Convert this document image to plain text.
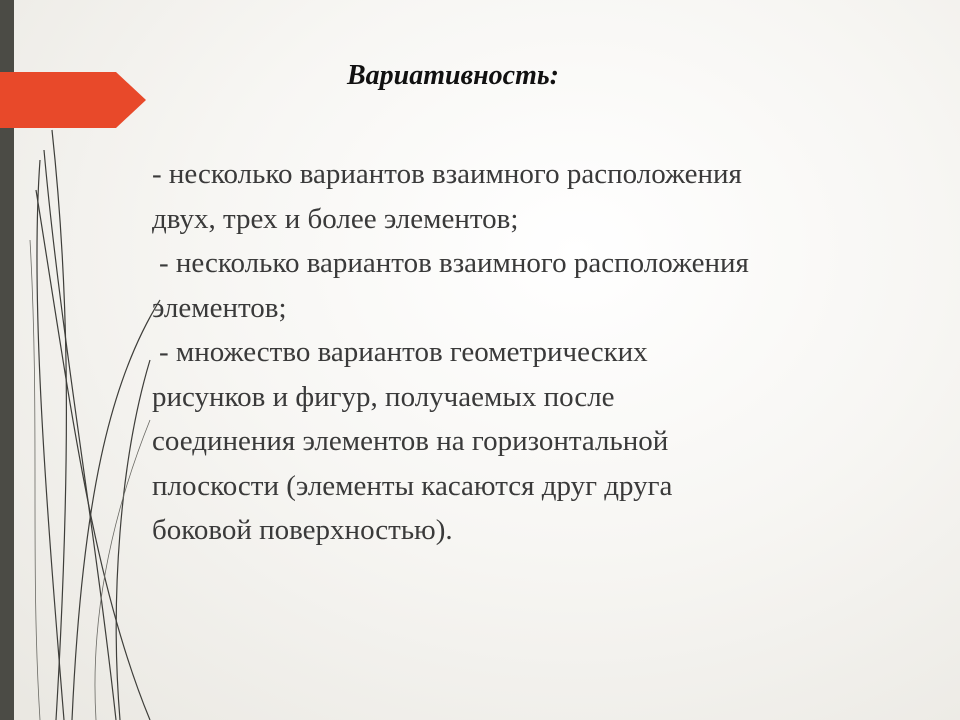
Вариативность:
- несколько вариантов взаимного расположения
двух, трех и более элементов;
- несколько вариантов взаимного расположения
элементов;
- множество вариантов геометрических
рисунков и фигур, получаемых после
соединения элементов на горизонтальной
плоскости (элементы касаются друг друга
боковой поверхностью).
